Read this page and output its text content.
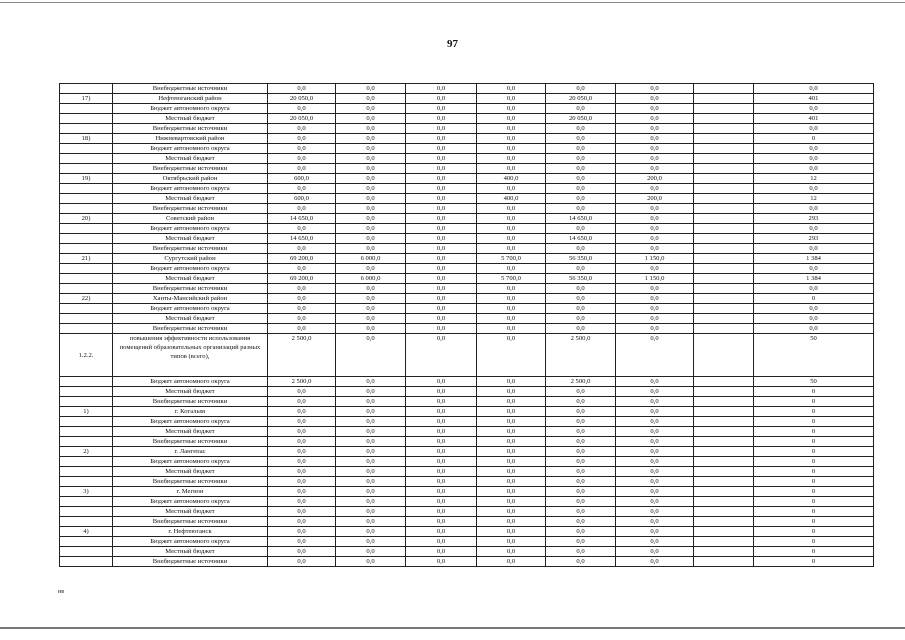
97
	Внебюджетные источники	0,0	0,0	0,0	0,0	0,0	0,0		0,0
17)	Нефтеюганский район	20 050,0	0,0	0,0	0,0	20 050,0	0,0		401
	Бюджет автономного округа	0,0	0,0	0,0	0,0	0,0	0,0		0,0
	Местный бюджет	20 050,0	0,0	0,0	0,0	20 050,0	0,0		401
	Внебюджетные источники	0,0	0,0	0,0	0,0	0,0	0,0		0,0
18)	Нижневартовский район	0,0	0,0	0,0	0,0	0,0	0,0		0
	Бюджет автономного округа	0,0	0,0	0,0	0,0	0,0	0,0		0,0
	Местный бюджет	0,0	0,0	0,0	0,0	0,0	0,0		0,0
	Внебюджетные источники	0,0	0,0	0,0	0,0	0,0	0,0		0,0
19)	Октябрьский район	600,0	0,0	0,0	400,0	0,0	200,0		12
	Бюджет автономного округа	0,0	0,0	0,0	0,0	0,0	0,0		0,0
	Местный бюджет	600,0	0,0	0,0	400,0	0,0	200,0		12
	Внебюджетные источники	0,0	0,0	0,0	0,0	0,0	0,0		0,0
20)	Советский район	14 650,0	0,0	0,0	0,0	14 650,0	0,0		293
	Бюджет автономного округа	0,0	0,0	0,0	0,0	0,0	0,0		0,0
	Местный бюджет	14 650,0	0,0	0,0	0,0	14 650,0	0,0		293
	Внебюджетные источники	0,0	0,0	0,0	0,0	0,0	0,0		0,0
21)	Сургутский район	69 200,0	6 000,0	0,0	5 700,0	56 350,0	1 150,0		1 384
	Бюджет автономного округа	0,0	0,0	0,0	0,0	0,0	0,0		0,0
	Местный бюджет	69 200,0	6 000,0	0,0	5 700,0	56 350,0	1 150,0		1 384
	Внебюджетные источники	0,0	0,0	0,0	0,0	0,0	0,0		0,0
22)	Ханты-Мансийский район	0,0	0,0	0,0	0,0	0,0	0,0		0
	Бюджет автономного округа	0,0	0,0	0,0	0,0	0,0	0,0		0,0
	Местный бюджет	0,0	0,0	0,0	0,0	0,0	0,0		0,0
	Внебюджетные источники	0,0	0,0	0,0	0,0	0,0	0,0		0,0
1.2.2.	повышения эффективности использования помещений образовательных организаций разных типов (всего),	2 500,0	0,0	0,0	0,0	2 500,0	0,0		50
	Бюджет автономного округа	2 500,0	0,0	0,0	0,0	2 500,0	0,0		50
	Местный бюджет	0,0	0,0	0,0	0,0	0,0	0,0		0
	Внебюджетные источники	0,0	0,0	0,0	0,0	0,0	0,0		0
1)	г. Когалым	0,0	0,0	0,0	0,0	0,0	0,0		0
	Бюджет автономного округа	0,0	0,0	0,0	0,0	0,0	0,0		0
	Местный бюджет	0,0	0,0	0,0	0,0	0,0	0,0		0
	Внебюджетные источники	0,0	0,0	0,0	0,0	0,0	0,0		0
2)	г. Лангепас	0,0	0,0	0,0	0,0	0,0	0,0		0
	Бюджет автономного округа	0,0	0,0	0,0	0,0	0,0	0,0		0
	Местный бюджет	0,0	0,0	0,0	0,0	0,0	0,0		0
	Внебюджетные источники	0,0	0,0	0,0	0,0	0,0	0,0		0
3)	г. Мегион	0,0	0,0	0,0	0,0	0,0	0,0		0
	Бюджет автономного округа	0,0	0,0	0,0	0,0	0,0	0,0		0
	Местный бюджет	0,0	0,0	0,0	0,0	0,0	0,0		0
	Внебюджетные источники	0,0	0,0	0,0	0,0	0,0	0,0		0
4)	г. Нефтеюганск	0,0	0,0	0,0	0,0	0,0	0,0		0
	Бюджет автономного округа	0,0	0,0	0,0	0,0	0,0	0,0		0
	Местный бюджет	0,0	0,0	0,0	0,0	0,0	0,0		0
	Внебюджетные источники	0,0	0,0	0,0	0,0	0,0	0,0		0
нв
